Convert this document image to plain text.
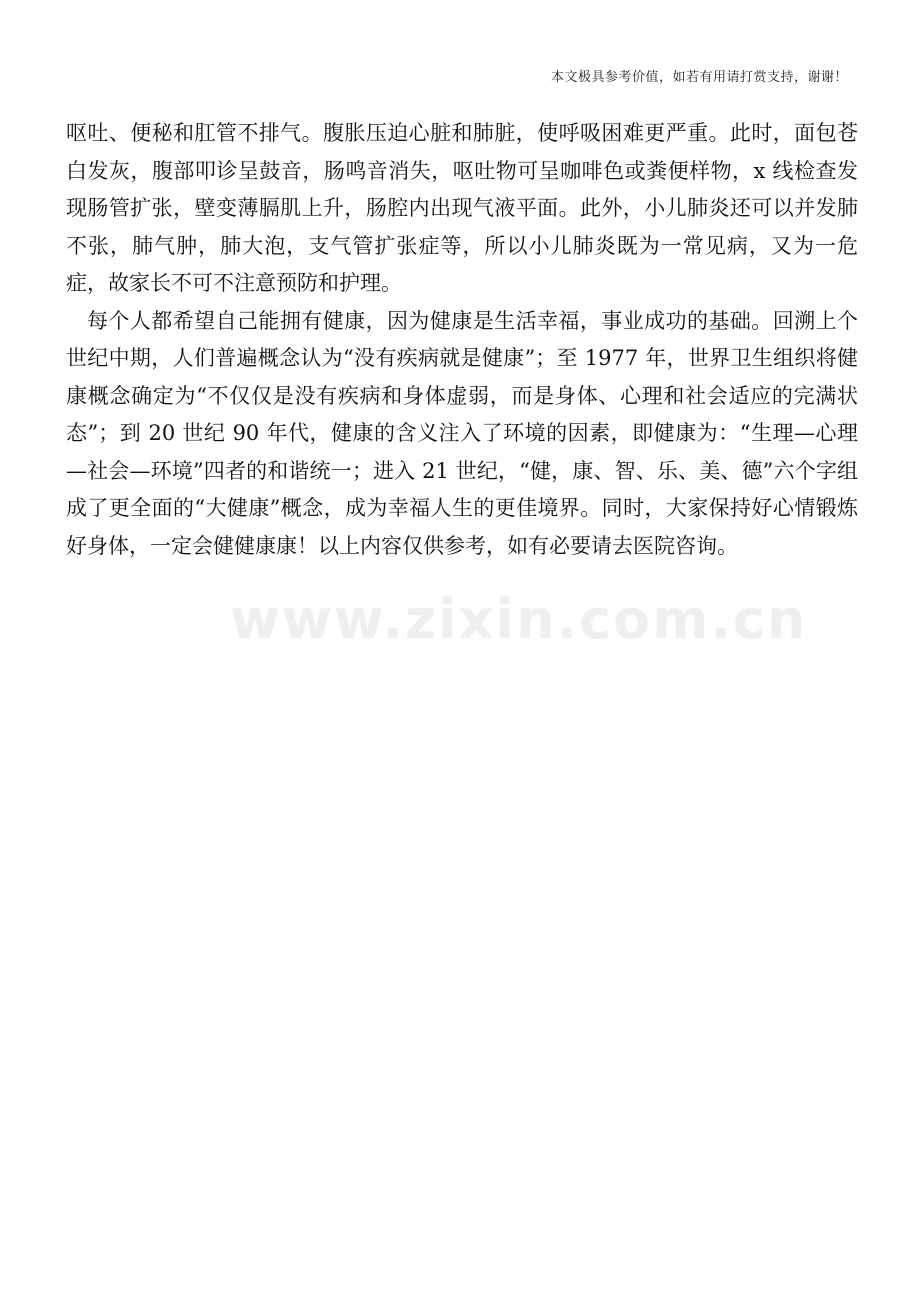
本文极具参考价值，如若有用请打赏支持，谢谢！

呕吐、便秘和肛管不排气。腹胀压迫心脏和肺脏，使呼吸困难更严重。此时，面包苍白发灰，腹部叩诊呈鼓音，肠鸣音消失，呕吐物可呈咖啡色或粪便样物，x 线检查发现肠管扩张，壁变薄膈肌上升，肠腔内出现气液平面。此外，小儿肺炎还可以并发肺不张，肺气肿，肺大泡，支气管扩张症等，所以小儿肺炎既为一常见病，又为一危症，故家长不可不注意预防和护理。

每个人都希望自己能拥有健康，因为健康是生活幸福，事业成功的基础。回溯上个世纪中期，人们普遍概念认为“没有疾病就是健康”；至 1977 年，世界卫生组织将健康概念确定为“不仅仅是没有疾病和身体虚弱，而是身体、心理和社会适应的完满状态”；到 20 世纪 90 年代，健康的含义注入了环境的因素，即健康为：“生理—心理—社会—环境”四者的和谐统一；进入 21 世纪，“健，康、智、乐、美、德”六个字组成了更全面的“大健康”概念，成为幸福人生的更佳境界。同时，大家保持好心情锻炼好身体，一定会健健康康！以上内容仅供参考，如有必要请去医院咨询。

www.zixin.com.cn
